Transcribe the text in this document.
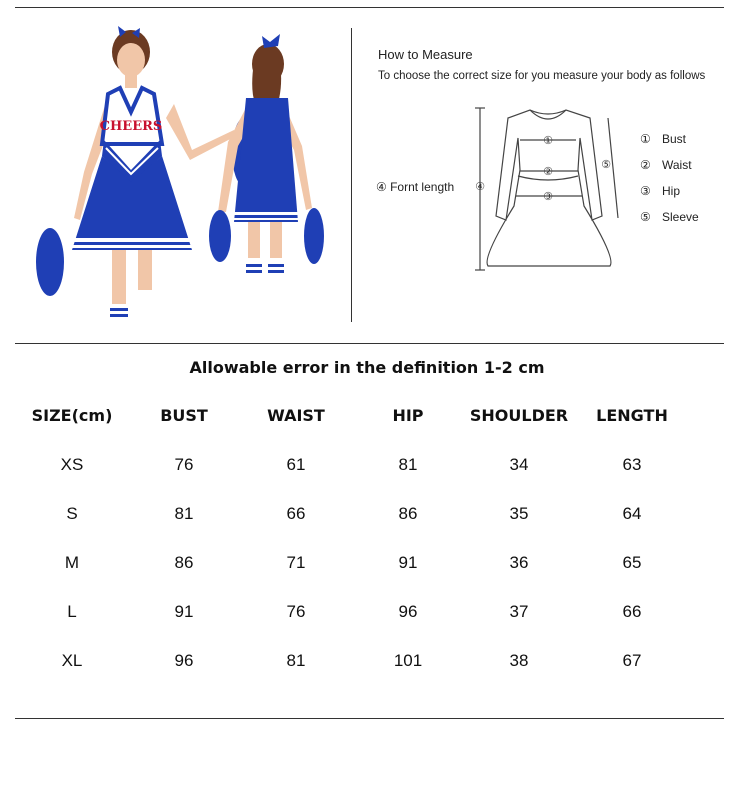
CHEERS
How to Measure
To choose the correct size for you measure your body as follows
①
②
③
⑤
④
④ Fornt length
① Bust
② Waist
③ Hip
⑤ Sleeve
Allowable error in the definition 1-2 cm
SIZE(cm)	BUST	WAIST	HIP	SHOULDER	LENGTH
XS	76	61	81	34	63
S	81	66	86	35	64
M	86	71	91	36	65
L	91	76	96	37	66
XL	96	81	101	38	67
